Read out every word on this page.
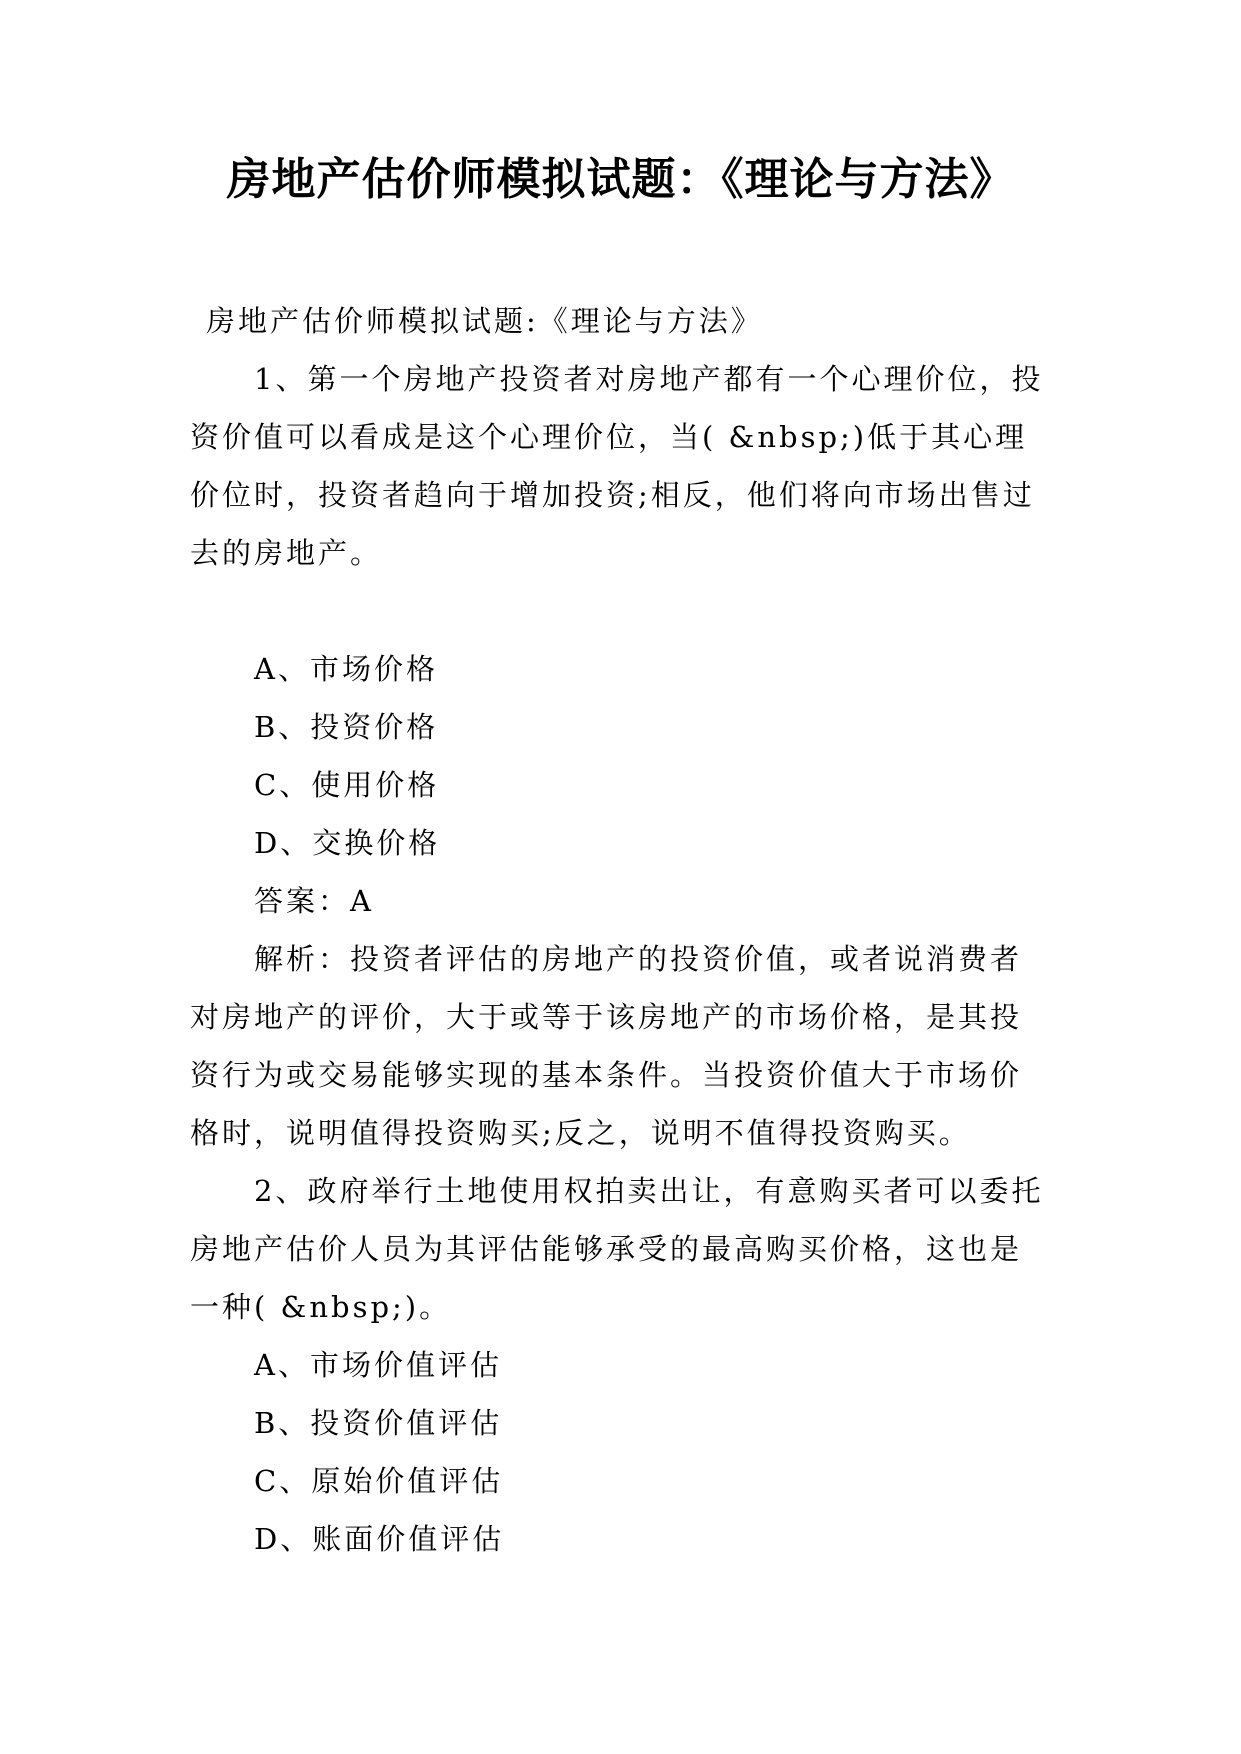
房地产估价师模拟试题：《理论与方法》

房地产估价师模拟试题:《理论与方法》

1、第一个房地产投资者对房地产都有一个心理价位，投资价值可以看成是这个心理价位，当( &nbsp;)低于其心理价位时，投资者趋向于增加投资;相反，他们将向市场出售过去的房地产。

A、市场价格

B、投资价格

C、使用价格

D、交换价格

答案：A

解析：投资者评估的房地产的投资价值，或者说消费者对房地产的评价，大于或等于该房地产的市场价格，是其投资行为或交易能够实现的基本条件。当投资价值大于市场价格时，说明值得投资购买;反之，说明不值得投资购买。

2、政府举行土地使用权拍卖出让，有意购买者可以委托房地产估价人员为其评估能够承受的最高购买价格，这也是一种( &nbsp;)。

A、市场价值评估

B、投资价值评估

C、原始价值评估

D、账面价值评估
